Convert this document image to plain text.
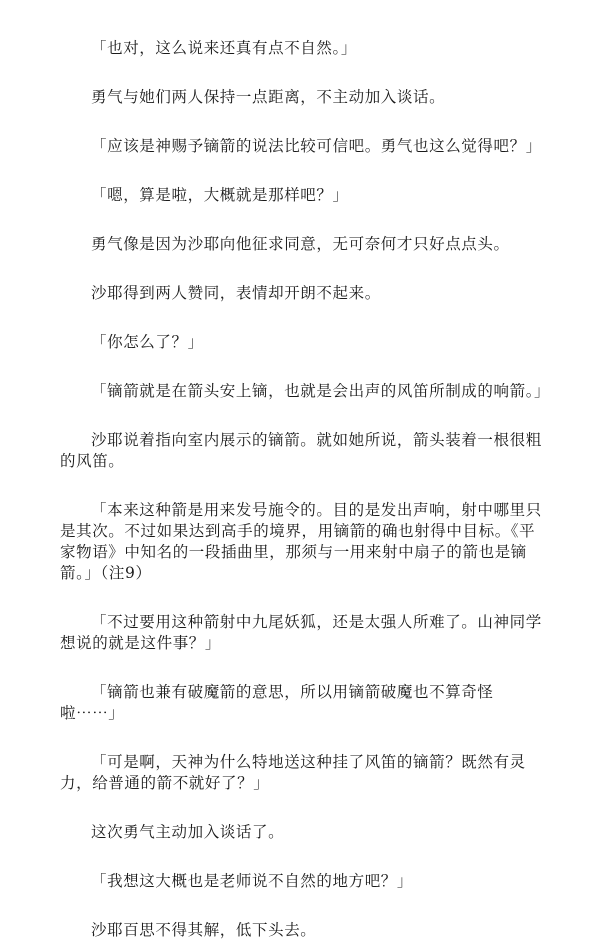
「也对，这么说来还真有点不自然。」

勇气与她们两人保持一点距离，不主动加入谈话。

「应该是神赐予镝箭的说法比较可信吧。勇气也这么觉得吧？」

「嗯，算是啦，大概就是那样吧？」

勇气像是因为沙耶向他征求同意，无可奈何才只好点点头。

沙耶得到两人赞同，表情却开朗不起来。

「你怎么了？」

「镝箭就是在箭头安上镝，也就是会出声的风笛所制成的响箭。」

沙耶说着指向室内展示的镝箭。就如她所说，箭头装着一根很粗的风笛。

「本来这种箭是用来发号施令的。目的是发出声响，射中哪里只是其次。不过如果达到高手的境界，用镝箭的确也射得中目标。《平家物语》中知名的一段插曲里，那须与一用来射中扇子的箭也是镝箭。」（注9）

「不过要用这种箭射中九尾妖狐，还是太强人所难了。山神同学想说的就是这件事？」

「镝箭也兼有破魔箭的意思，所以用镝箭破魔也不算奇怪啦⋯⋯」

「可是啊，天神为什么特地送这种挂了风笛的镝箭？既然有灵力，给普通的箭不就好了？」

这次勇气主动加入谈话了。

「我想这大概也是老师说不自然的地方吧？」

沙耶百思不得其解，低下头去。
